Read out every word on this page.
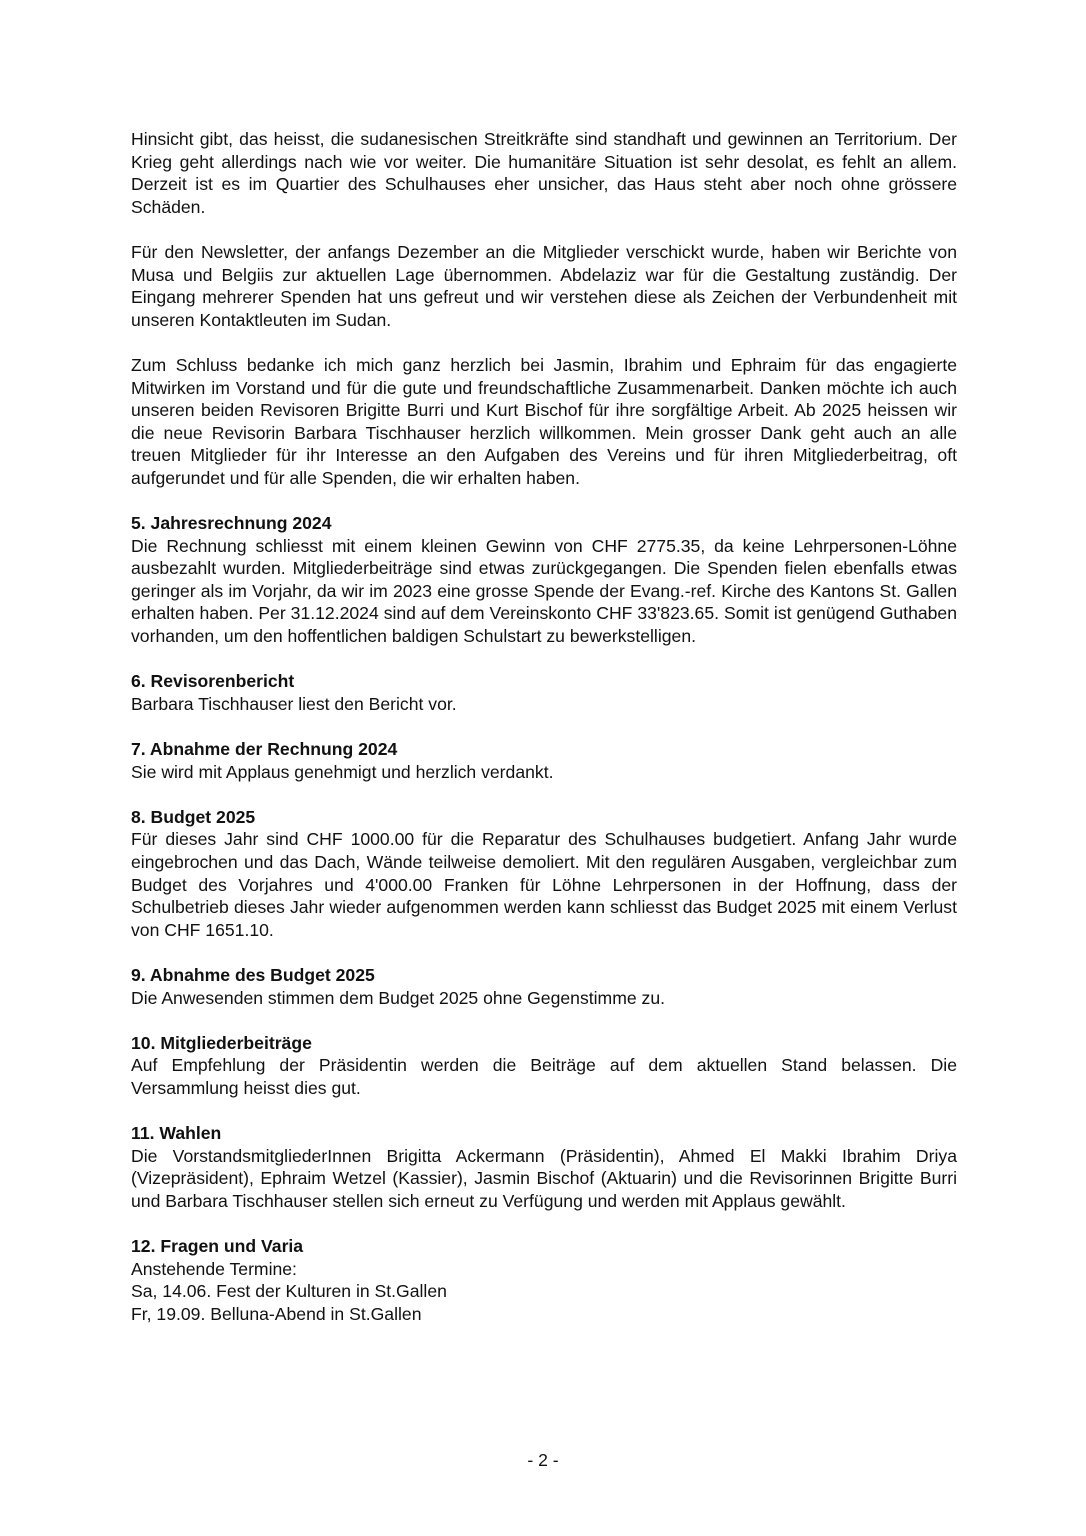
Hinsicht gibt, das heisst, die sudanesischen Streitkräfte sind standhaft und gewinnen an Territorium. Der Krieg geht allerdings nach wie vor weiter. Die humanitäre Situation ist sehr desolat, es fehlt an allem. Derzeit ist es im Quartier des Schulhauses eher unsicher, das Haus steht aber noch ohne grössere Schäden.

Für den Newsletter, der anfangs Dezember an die Mitglieder verschickt wurde, haben wir Berichte von Musa und Belgiis zur aktuellen Lage übernommen. Abdelaziz war für die Gestaltung zuständig. Der Eingang mehrerer Spenden hat uns gefreut und wir verstehen diese als Zeichen der Verbundenheit mit unseren Kontaktleuten im Sudan.

Zum Schluss bedanke ich mich ganz herzlich bei Jasmin, Ibrahim und Ephraim für das engagierte Mitwirken im Vorstand und für die gute und freundschaftliche Zusammenarbeit. Danken möchte ich auch unseren beiden Revisoren Brigitte Burri und Kurt Bischof für ihre sorgfältige Arbeit. Ab 2025 heissen wir die neue Revisorin Barbara Tischhauser herzlich willkommen. Mein grosser Dank geht auch an alle treuen Mitglieder für ihr Interesse an den Aufgaben des Vereins und für ihren Mitgliederbeitrag, oft aufgerundet und für alle Spenden, die wir erhalten haben.

5. Jahresrechnung 2024

Die Rechnung schliesst mit einem kleinen Gewinn von CHF 2775.35, da keine Lehrpersonen-Löhne ausbezahlt wurden. Mitgliederbeiträge sind etwas zurückgegangen. Die Spenden fielen ebenfalls etwas geringer als im Vorjahr, da wir im 2023 eine grosse Spende der Evang.-ref. Kirche des Kantons St. Gallen erhalten haben. Per 31.12.2024 sind auf dem Vereinskonto CHF 33'823.65. Somit ist genügend Guthaben vorhanden, um den hoffentlichen baldigen Schulstart zu bewerkstelligen.

6. Revisorenbericht

Barbara Tischhauser liest den Bericht vor.

7. Abnahme der Rechnung 2024

Sie wird mit Applaus genehmigt und herzlich verdankt.

8. Budget 2025

Für dieses Jahr sind CHF 1000.00 für die Reparatur des Schulhauses budgetiert. Anfang Jahr wurde eingebrochen und das Dach, Wände teilweise demoliert. Mit den regulären Ausgaben, vergleichbar zum Budget des Vorjahres und 4'000.00 Franken für Löhne Lehrpersonen in der Hoffnung, dass der Schulbetrieb dieses Jahr wieder aufgenommen werden kann schliesst das Budget 2025 mit einem Verlust von CHF 1651.10.

9. Abnahme des Budget 2025

Die Anwesenden stimmen dem Budget 2025 ohne Gegenstimme zu.

10. Mitgliederbeiträge

Auf Empfehlung der Präsidentin werden die Beiträge auf dem aktuellen Stand belassen. Die Versammlung heisst dies gut.

11. Wahlen

Die VorstandsmitgliederInnen Brigitta Ackermann (Präsidentin), Ahmed El Makki Ibrahim Driya (Vizepräsident), Ephraim Wetzel (Kassier), Jasmin Bischof (Aktuarin) und die Revisorinnen Brigitte Burri und Barbara Tischhauser stellen sich erneut zu Verfügung und werden mit Applaus gewählt.

12. Fragen und Varia

Anstehende Termine:

Sa, 14.06. Fest der Kulturen in St.Gallen

Fr, 19.09. Belluna-Abend in St.Gallen

- 2 -
